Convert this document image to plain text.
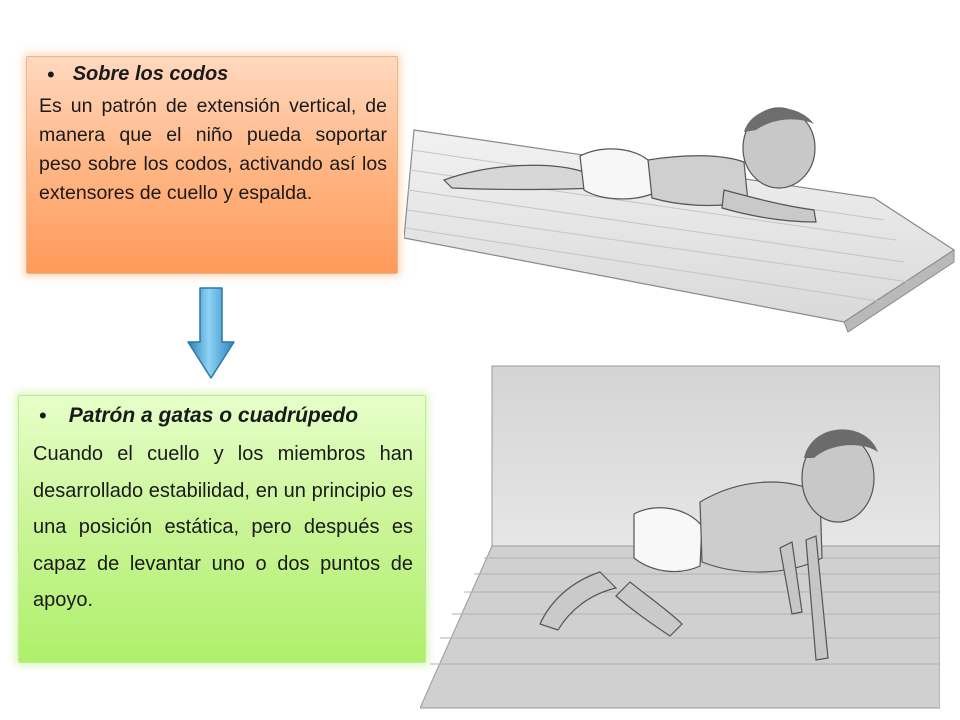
• Sobre los codos

Es un patrón de extensión vertical, de manera que el niño pueda soportar peso sobre los codos, activando así los extensores de cuello y espalda.

• Patrón a gatas o cuadrúpedo

Cuando el cuello y los miembros han desarrollado estabilidad, en un principio es una posición estática, pero después es capaz de levantar uno o dos puntos de apoyo.
